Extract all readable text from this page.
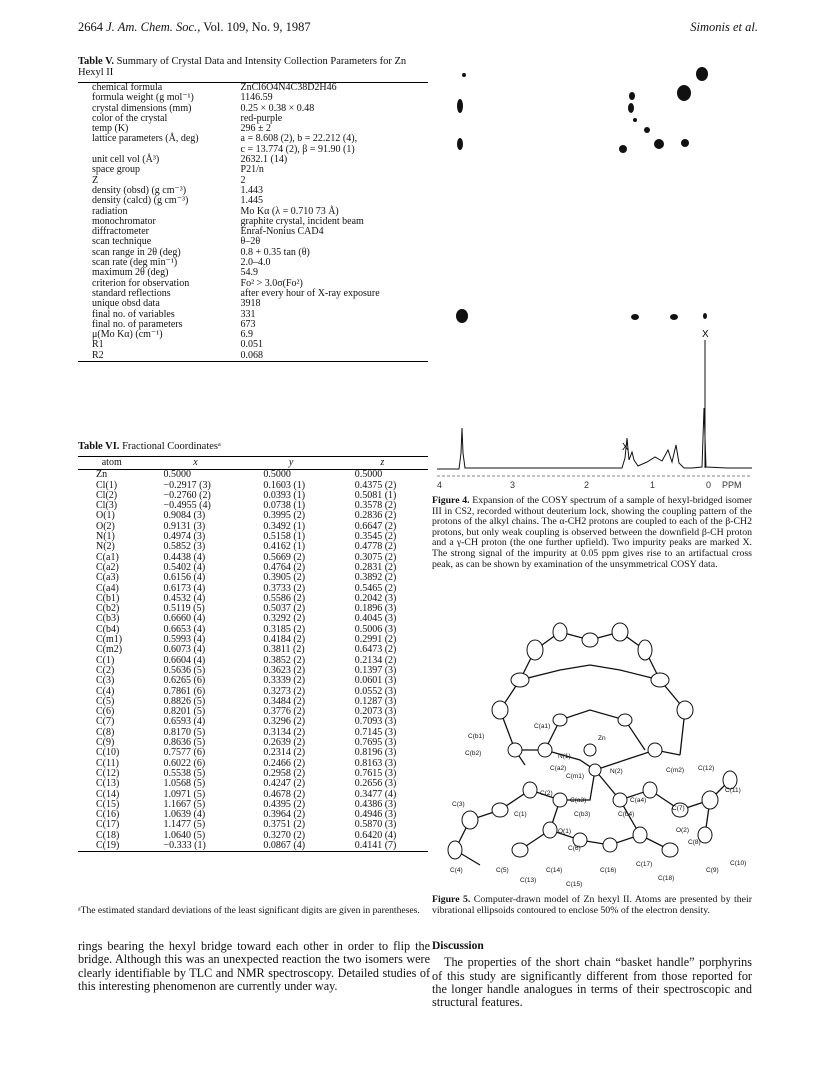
2664 J. Am. Chem. Soc., Vol. 109, No. 9, 1987	Simonis et al.
Table V. Summary of Crystal Data and Intensity Collection Parameters for Zn Hexyl II
chemical formula	ZnCl6O4N4C38D2H46
formula weight (g mol⁻¹)	1146.59
crystal dimensions (mm)	0.25 × 0.38 × 0.48
color of the crystal	red-purple
temp (K)	296 ± 2
lattice parameters (Å, deg)	a = 8.608 (2), b = 22.212 (4),
	c = 13.774 (2), β = 91.90 (1)
unit cell vol (Å³)	2632.1 (14)
space group	P21/n
Z	2
density (obsd) (g cm⁻³)	1.443
density (calcd) (g cm⁻³)	1.445
radiation	Mo Kα (λ = 0.710 73 Å)
monochromator	graphite crystal, incident beam
diffractometer	Enraf-Nonius CAD4
scan technique	θ–2θ
scan range in 2θ (deg)	0.8 + 0.35 tan (θ)
scan rate (deg min⁻¹)	2.0–4.0
maximum 2θ (deg)	54.9
criterion for observation	Fo² > 3.0σ(Fo²)
standard reflections	after every hour of X-ray exposure
unique obsd data	3918
final no. of variables	331
final no. of parameters	673
μ(Mo Kα) (cm⁻¹)	6.9
R1	0.051
R2	0.068
Table VI. Fractional Coordinatesᵃ
atom	x	y	z
Zn	0.5000	0.5000	0.5000
Cl(1)	−0.2917 (3)	0.1603 (1)	0.4375 (2)
Cl(2)	−0.2760 (2)	0.0393 (1)	0.5081 (1)
Cl(3)	−0.4955 (4)	0.0738 (1)	0.3578 (2)
O(1)	0.9084 (3)	0.3995 (2)	0.2836 (2)
O(2)	0.9131 (3)	0.3492 (1)	0.6647 (2)
N(1)	0.4974 (3)	0.5158 (1)	0.3545 (2)
N(2)	0.5852 (3)	0.4162 (1)	0.4778 (2)
C(a1)	0.4438 (4)	0.5669 (2)	0.3075 (2)
C(a2)	0.5402 (4)	0.4764 (2)	0.2831 (2)
C(a3)	0.6156 (4)	0.3905 (2)	0.3892 (2)
C(a4)	0.6173 (4)	0.3733 (2)	0.5465 (2)
C(b1)	0.4532 (4)	0.5586 (2)	0.2042 (3)
C(b2)	0.5119 (5)	0.5037 (2)	0.1896 (3)
C(b3)	0.6660 (4)	0.3292 (2)	0.4045 (3)
C(b4)	0.6653 (4)	0.3185 (2)	0.5006 (3)
C(m1)	0.5993 (4)	0.4184 (2)	0.2991 (2)
C(m2)	0.6073 (4)	0.3811 (2)	0.6473 (2)
C(1)	0.6604 (4)	0.3852 (2)	0.2134 (2)
C(2)	0.5636 (5)	0.3623 (2)	0.1397 (3)
C(3)	0.6265 (6)	0.3339 (2)	0.0601 (3)
C(4)	0.7861 (6)	0.3273 (2)	0.0552 (3)
C(5)	0.8826 (5)	0.3484 (2)	0.1287 (3)
C(6)	0.8201 (5)	0.3776 (2)	0.2073 (3)
C(7)	0.6593 (4)	0.3296 (2)	0.7093 (3)
C(8)	0.8170 (5)	0.3134 (2)	0.7145 (3)
C(9)	0.8636 (5)	0.2639 (2)	0.7695 (3)
C(10)	0.7577 (6)	0.2314 (2)	0.8196 (3)
C(11)	0.6022 (6)	0.2466 (2)	0.8163 (3)
C(12)	0.5538 (5)	0.2958 (2)	0.7615 (3)
C(13)	1.0568 (5)	0.4247 (2)	0.2656 (3)
C(14)	1.0971 (5)	0.4678 (2)	0.3477 (4)
C(15)	1.1667 (5)	0.4395 (2)	0.4386 (3)
C(16)	1.0639 (4)	0.3964 (2)	0.4946 (3)
C(17)	1.1477 (5)	0.3751 (2)	0.5870 (3)
C(18)	1.0640 (5)	0.3270 (2)	0.6420 (4)
C(19)	−0.333 (1)	0.0867 (4)	0.4141 (7)
ᵃThe estimated standard deviations of the least significant digits are given in parentheses.
rings bearing the hexyl bridge toward each other in order to flip the bridge. Although this was an unexpected reaction the two isomers were clearly identifiable by TLC and NMR spectroscopy. Detailed studies of this interesting phenomenon are currently under way.
X
X
4	3	2	1	0 PPM
Figure 4. Expansion of the COSY spectrum of a sample of hexyl-bridged isomer III in CS2, recorded without deuterium lock, showing the coupling pattern of the protons of the alkyl chains. The α-CH2 protons are coupled to each of the β-CH2 protons, but only weak coupling is observed between the downfield β-CH proton and a γ-CH proton (the one further upfield). Two impurity peaks are marked X. The strong signal of the impurity at 0.05 ppm gives rise to an artifactual cross peak, as can be shown by examination of the unsymmetrical COSY data.
C(b1)
C(a1)
C(b2)	N(1)
Zn
C(a2)
C(m1)
N(2)	C(m2) C(12)
C(11)
C(2)
C(3)
C(1)
C(a3)	C(a4)
C(b3)	C(b4)
C(7)
O(1)	O(2)
C(6)
C(8)
C(10)
C(4)	C(5)	C(14)	C(16)
C(17)
C(9)
C(13)
C(15)
C(18)
Figure 5. Computer-drawn model of Zn hexyl II. Atoms are presented by their vibrational ellipsoids contoured to enclose 50% of the electron density.
Discussion

The properties of the short chain “basket handle” porphyrins of this study are significantly different from those reported for the longer handle analogues in terms of their spectroscopic and structural features.
